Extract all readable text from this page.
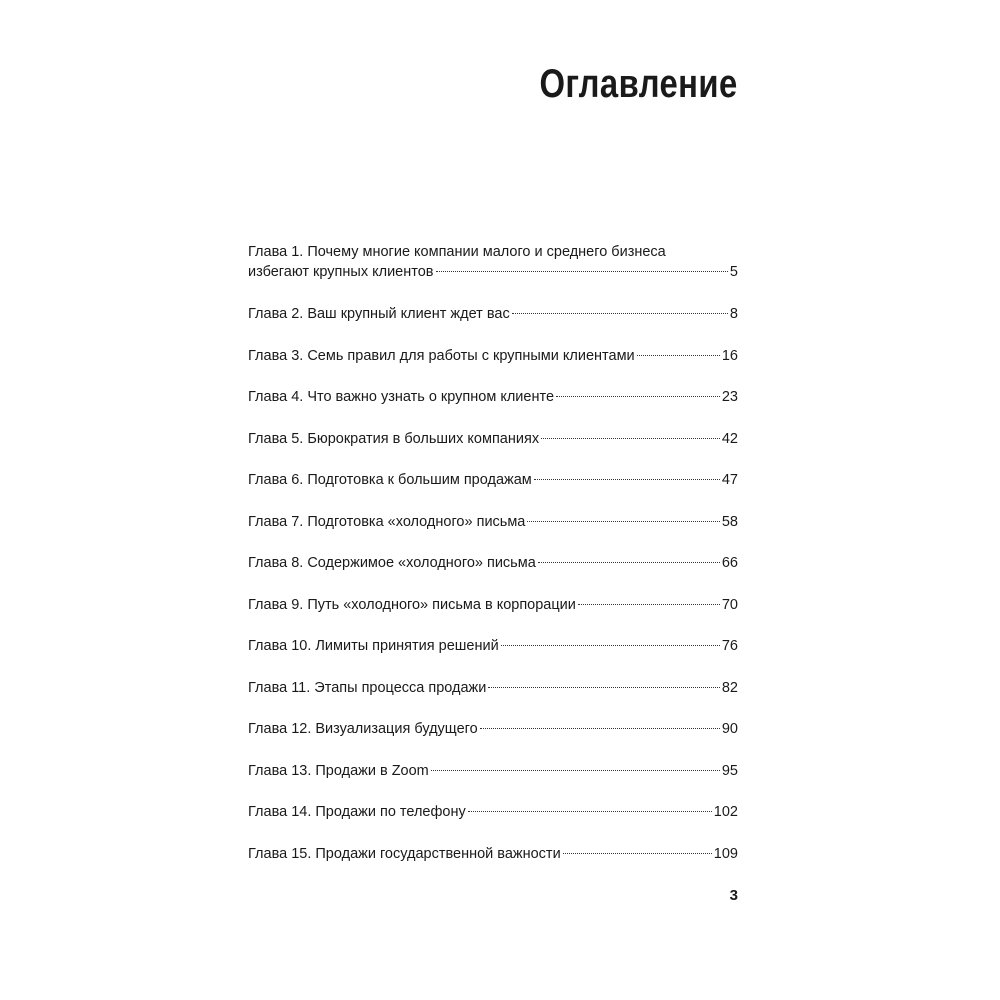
Оглавление
Глава 1. Почему многие компании малого и среднего бизнеса
избегают крупных клиентов	5
Глава 2. Ваш крупный клиент ждет вас	8
Глава 3. Семь правил для работы с крупными клиентами	16
Глава 4. Что важно узнать о крупном клиенте	23
Глава 5. Бюрократия в больших компаниях	42
Глава 6. Подготовка к большим продажам	47
Глава 7. Подготовка «холодного» письма	58
Глава 8. Содержимое «холодного» письма	66
Глава 9. Путь «холодного» письма в корпорации	70
Глава 10. Лимиты принятия решений	76
Глава 11. Этапы процесса продажи	82
Глава 12. Визуализация будущего	90
Глава 13. Продажи в Zoom	95
Глава 14. Продажи по телефону	102
Глава 15. Продажи государственной важности	109
3
